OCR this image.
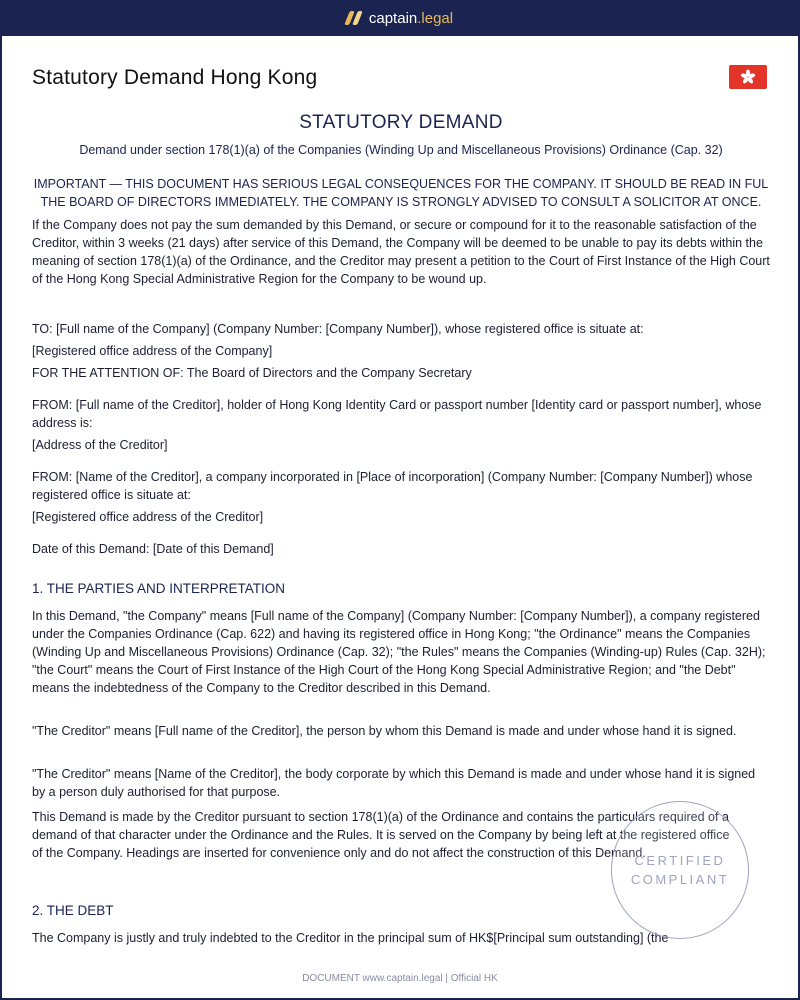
captain.legal
Statutory Demand Hong Kong
STATUTORY DEMAND
Demand under section 178(1)(a) of the Companies (Winding Up and Miscellaneous Provisions) Ordinance (Cap. 32)
IMPORTANT — THIS DOCUMENT HAS SERIOUS LEGAL CONSEQUENCES FOR THE COMPANY. IT SHOULD BE READ IN FUL THE BOARD OF DIRECTORS IMMEDIATELY. THE COMPANY IS STRONGLY ADVISED TO CONSULT A SOLICITOR AT ONCE.

If the Company does not pay the sum demanded by this Demand, or secure or compound for it to the reasonable satisfaction of the Creditor, within 3 weeks (21 days) after service of this Demand, the Company will be deemed to be unable to pay its debts within the meaning of section 178(1)(a) of the Ordinance, and the Creditor may present a petition to the Court of First Instance of the High Court of the Hong Kong Special Administrative Region for the Company to be wound up.

TO: [Full name of the Company] (Company Number: [Company Number]), whose registered office is situate at:

[Registered office address of the Company]

FOR THE ATTENTION OF: The Board of Directors and the Company Secretary

FROM: [Full name of the Creditor], holder of Hong Kong Identity Card or passport number [Identity card or passport number], whose address is:

[Address of the Creditor]

FROM: [Name of the Creditor], a company incorporated in [Place of incorporation] (Company Number: [Company Number]) whose registered office is situate at:

[Registered office address of the Creditor]

Date of this Demand: [Date of this Demand]

1. THE PARTIES AND INTERPRETATION

In this Demand, "the Company" means [Full name of the Company] (Company Number: [Company Number]), a company registered under the Companies Ordinance (Cap. 622) and having its registered office in Hong Kong; "the Ordinance" means the Companies (Winding Up and Miscellaneous Provisions) Ordinance (Cap. 32); "the Rules" means the Companies (Winding-up) Rules (Cap. 32H); "the Court" means the Court of First Instance of the High Court of the Hong Kong Special Administrative Region; and "the Debt" means the indebtedness of the Company to the Creditor described in this Demand.

"The Creditor" means [Full name of the Creditor], the person by whom this Demand is made and under whose hand it is signed.

"The Creditor" means [Name of the Creditor], the body corporate by which this Demand is made and under whose hand it is signed by a person duly authorised for that purpose.

This Demand is made by the Creditor pursuant to section 178(1)(a) of the Ordinance and contains the particulars required of a demand of that character under the Ordinance and the Rules. It is served on the Company by being left at the registered office of the Company. Headings are inserted for convenience only and do not affect the construction of this Demand.

2. THE DEBT

The Company is justly and truly indebted to the Creditor in the principal sum of HK$[Principal sum outstanding] (the

CERTIFIED
COMPLIANT
DOCUMENT www.captain.legal | Official HK
